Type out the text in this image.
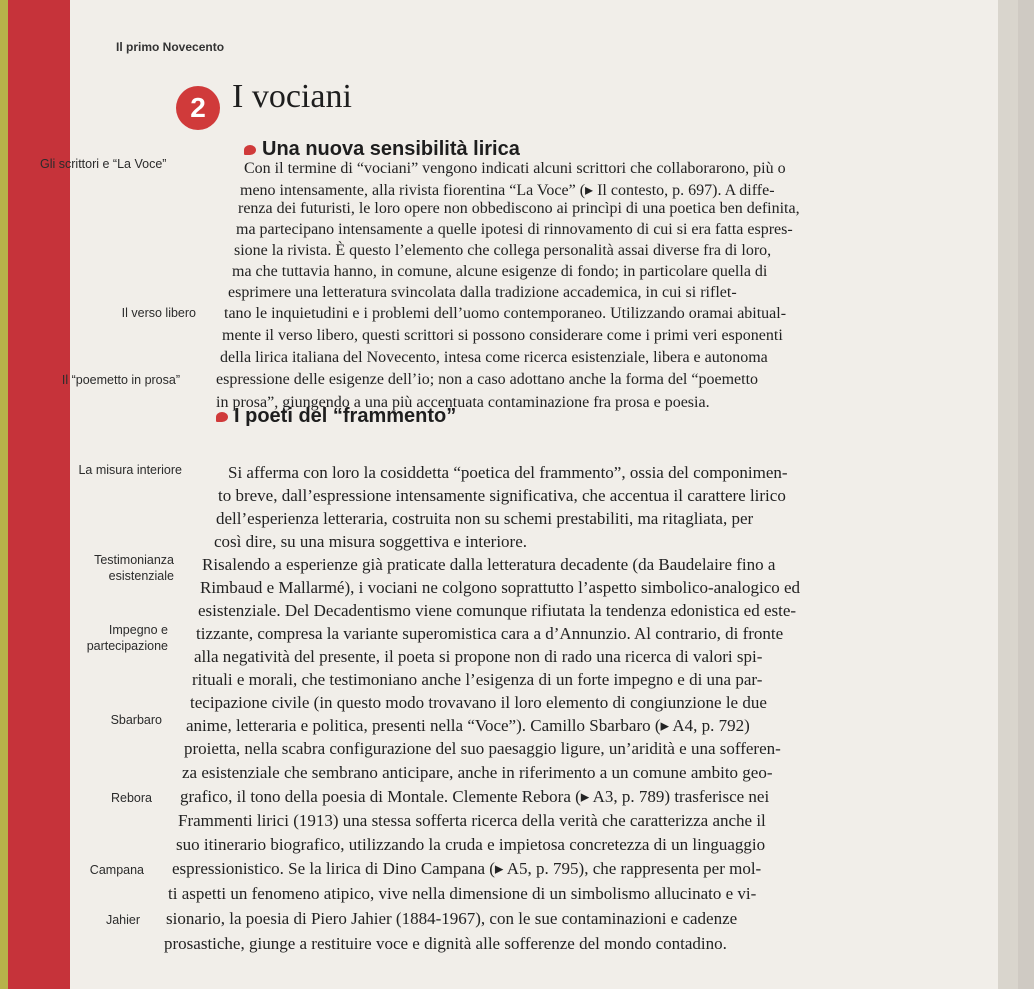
Il primo Novecento
2 I vociani
Una nuova sensibilità lirica
I poeti del “frammento”
Gli scrittori e “La Voce”
Il verso libero
Il “poemetto in prosa”
La misura interiore
Testimonianza esistenziale
Impegno e partecipazione
Sbarbaro
Rebora
Campana
Jahier
Con il termine di “vociani” vengono indicati alcuni scrittori che collaborarono, più o
meno intensamente, alla rivista fiorentina “La Voce” (▸ Il contesto, p. 697). A diffe-
renza dei futuristi, le loro opere non obbediscono ai princìpi di una poetica ben definita,
ma partecipano intensamente a quelle ipotesi di rinnovamento di cui si era fatta espres-
sione la rivista. È questo l’elemento che collega personalità assai diverse fra di loro,
ma che tuttavia hanno, in comune, alcune esigenze di fondo; in particolare quella di
esprimere una letteratura svincolata dalla tradizione accademica, in cui si riflet-
tano le inquietudini e i problemi dell’uomo contemporaneo. Utilizzando oramai abitual-
mente il verso libero, questi scrittori si possono considerare come i primi veri esponenti
della lirica italiana del Novecento, intesa come ricerca esistenziale, libera e autonoma
espressione delle esigenze dell’io; non a caso adottano anche la forma del “poemetto
in prosa”, giungendo a una più accentuata contaminazione fra prosa e poesia.
Si afferma con loro la cosiddetta “poetica del frammento”, ossia del componimen-
to breve, dall’espressione intensamente significativa, che accentua il carattere lirico
dell’esperienza letteraria, costruita non su schemi prestabiliti, ma ritagliata, per
così dire, su una misura soggettiva e interiore.
Risalendo a esperienze già praticate dalla letteratura decadente (da Baudelaire fino a
Rimbaud e Mallarmé), i vociani ne colgono soprattutto l’aspetto simbolico-analogico ed
esistenziale. Del Decadentismo viene comunque rifiutata la tendenza edonistica ed este-
tizzante, compresa la variante superomistica cara a d’Annunzio. Al contrario, di fronte
alla negatività del presente, il poeta si propone non di rado una ricerca di valori spi-
rituali e morali, che testimoniano anche l’esigenza di un forte impegno e di una par-
tecipazione civile (in questo modo trovavano il loro elemento di congiunzione le due
anime, letteraria e politica, presenti nella “Voce”). Camillo Sbarbaro (▸ A4, p. 792)
proietta, nella scabra configurazione del suo paesaggio ligure, un’aridità e una sofferen-
za esistenziale che sembrano anticipare, anche in riferimento a un comune ambito geo-
grafico, il tono della poesia di Montale. Clemente Rebora (▸ A3, p. 789) trasferisce nei
Frammenti lirici (1913) una stessa sofferta ricerca della verità che caratterizza anche il
suo itinerario biografico, utilizzando la cruda e impietosa concretezza di un linguaggio
espressionistico. Se la lirica di Dino Campana (▸ A5, p. 795), che rappresenta per mol-
ti aspetti un fenomeno atipico, vive nella dimensione di un simbolismo allucinato e vi-
sionario, la poesia di Piero Jahier (1884-1967), con le sue contaminazioni e cadenze
prosastiche, giunge a restituire voce e dignità alle sofferenze del mondo contadino.
